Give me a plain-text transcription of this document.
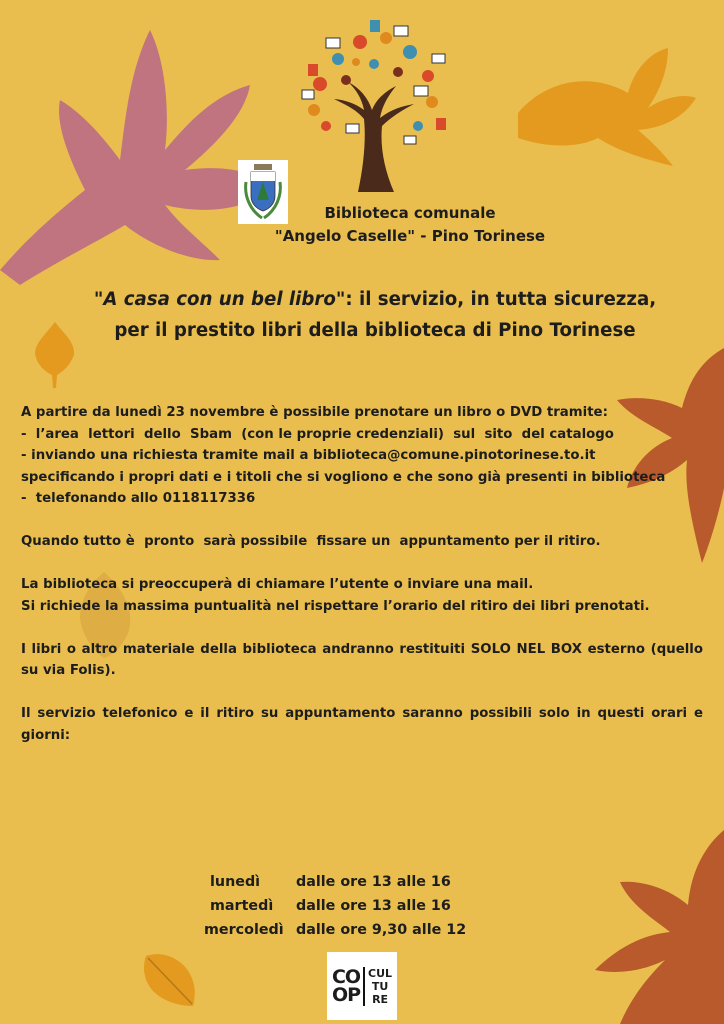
Biblioteca comunale
"Angelo Caselle" - Pino Torinese
"A casa con un bel libro": il servizio, in tutta sicurezza,
per il prestito libri della biblioteca di Pino Torinese

A partire da lunedì 23 novembre è possibile prenotare un libro o DVD tramite:

-  l’area  lettori  dello  Sbam  (con le proprie credenziali)  sul  sito  del catalogo

- inviando una richiesta tramite mail a biblioteca@comune.pinotorinese.to.it

specificando i propri dati e i titoli che si vogliono e che sono già presenti in biblioteca

-  telefonando allo 0118117336

Quando tutto è  pronto  sarà possibile  fissare un  appuntamento per il ritiro.

La biblioteca si preoccuperà di chiamare l’utente o inviare una mail.

Si richiede la massima puntualità nel rispettare l’orario del ritiro dei libri prenotati.

I libri o altro materiale della biblioteca andranno restituiti SOLO NEL BOX esterno (quello su via Folis).

Il servizio telefonico e il ritiro su appuntamento saranno possibili solo in questi orari e giorni:

lunedì	dalle ore 13 alle 16
martedì	dalle ore 13 alle 16
mercoledì dalle ore 9,30 alle 12
CO
OP
CUL
TU
RE
